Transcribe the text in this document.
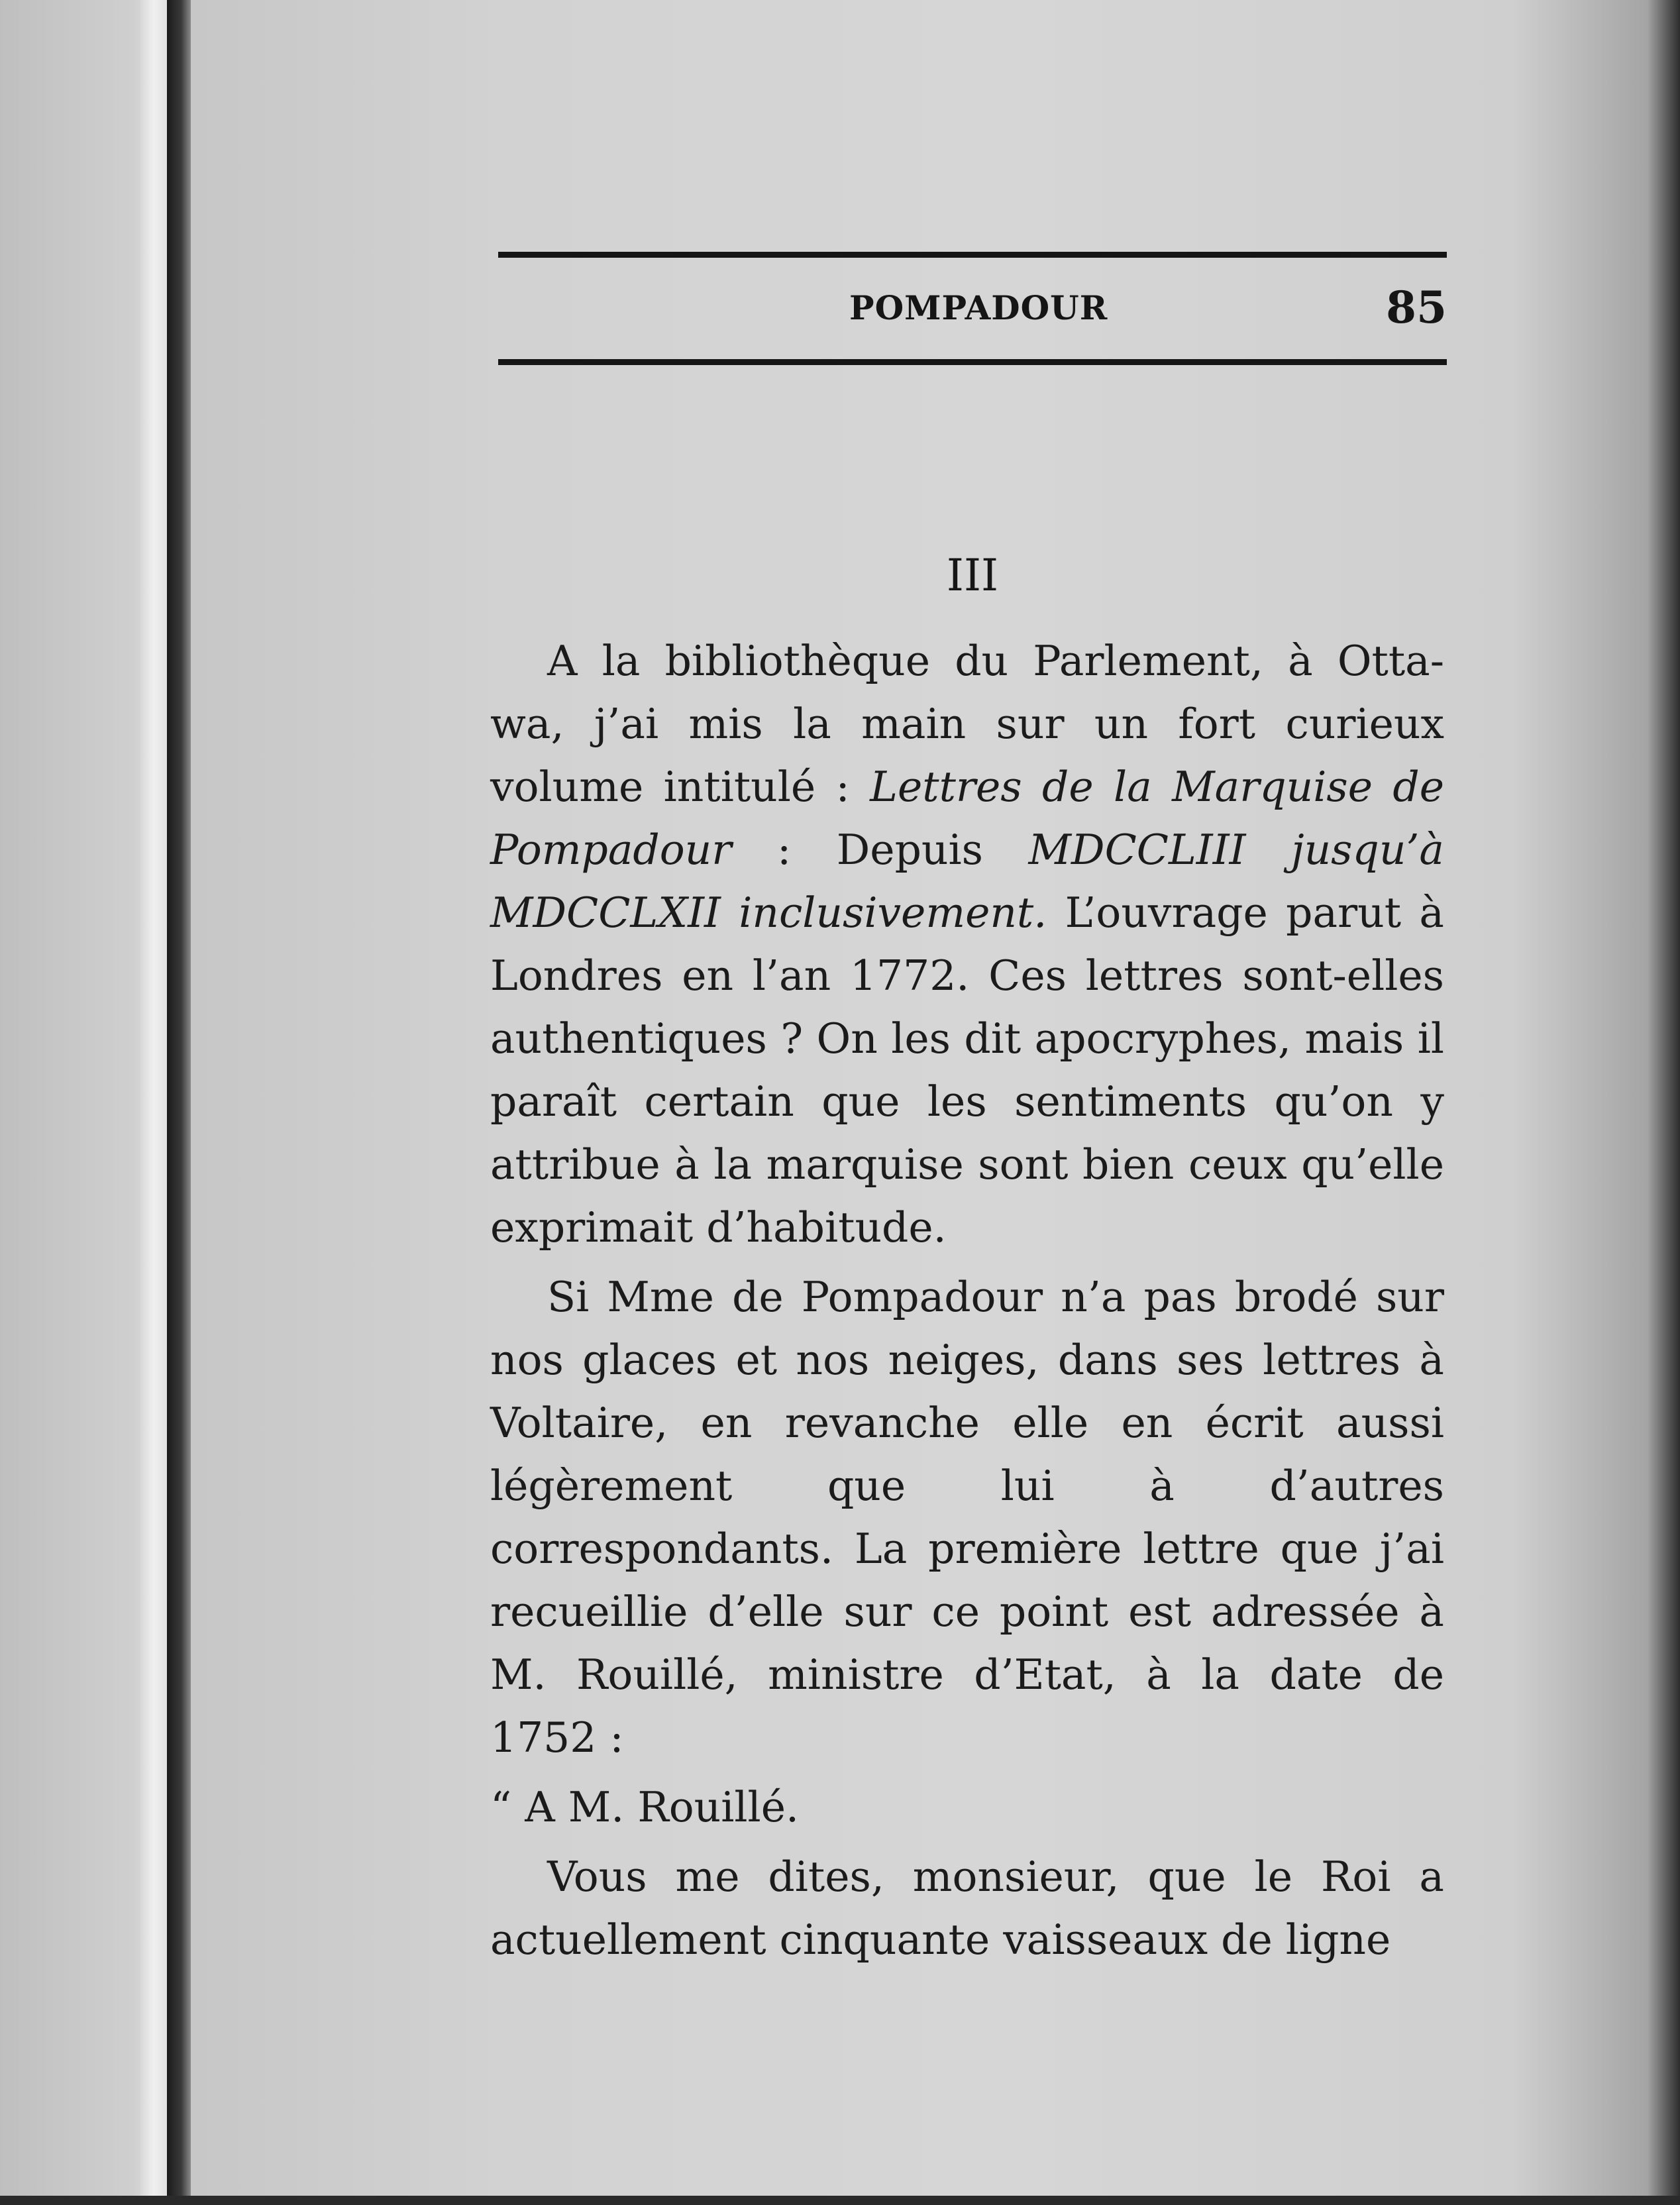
POMPADOUR	85
III

A la bibliothèque du Parlement, à Otta-wa, j’ai mis la main sur un fort curieux volume intitulé : Lettres de la Marquise de Pompadour : Depuis MDCCLIII jusqu’à MDCCLXII inclusivement. L’ouvrage parut à Londres en l’an 1772. Ces lettres sont-elles authentiques ? On les dit apocryphes, mais il paraît certain que les sentiments qu’on y attribue à la marquise sont bien ceux qu’elle exprimait d’habitude.

Si Mme de Pompadour n’a pas brodé sur nos glaces et nos neiges, dans ses lettres à Voltaire, en revanche elle en écrit aussi légèrement que lui à d’autres correspondants. La première lettre que j’ai recueillie d’elle sur ce point est adressée à M. Rouillé, ministre d’Etat, à la date de 1752 :

“ A M. Rouillé.

Vous me dites, monsieur, que le Roi a actuellement cinquante vaisseaux de ligne
